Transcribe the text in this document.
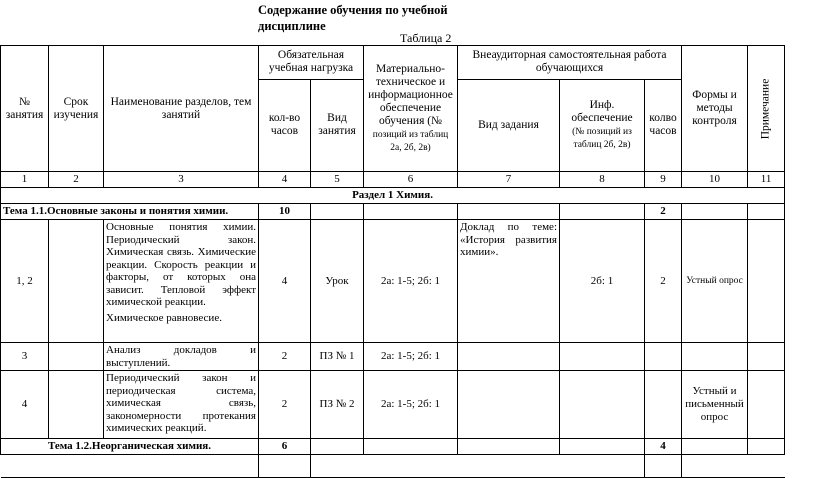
Содержание обучения по учебной дисциплине
Таблица 2
№ занятия	Срок изучения	Наименование разделов, тем занятий	Обязательная учебная нагрузка		Материально-техническое и информационное обеспечение обучения (№
позиций из таблиц 2а, 2б, 2в)	Внеаудиторная самостоятельная работа обучающихся			Формы и методы контроля	Примечание

			кол-во часов	Вид занятия		Вид задания	Инф. обеспечение
(№ позиций из таблиц 2б, 2в)	колво часов		
1	2	3	4	5	6	7	8	9	10	11
Раздел 1 Химия.										
Тема 1.1.Основные законы и понятия химии.			10					2		
1, 2		Основные понятия химии. Периодический закон. Химическая связь. Химические реакции. Скорость реакции и факторы, от которых она зависит. Тепловой эффект химической реакции.

Химическое равновесие.	4	Урок	2а: 1-5; 2б: 1	Доклад по теме: «История развития химии».	2б: 1	2	Устный опрос	
3		Анализ докладов и выступлений.	2	ПЗ № 1	2а: 1-5; 2б: 1					
4		Периодический закон и периодическая система, химическая связь, закономерности протекания химических реакций.	2	ПЗ № 2	2а: 1-5; 2б: 1				Устный и письменный опрос	
Тема 1.2.Неорганическая химия.			6					4		
